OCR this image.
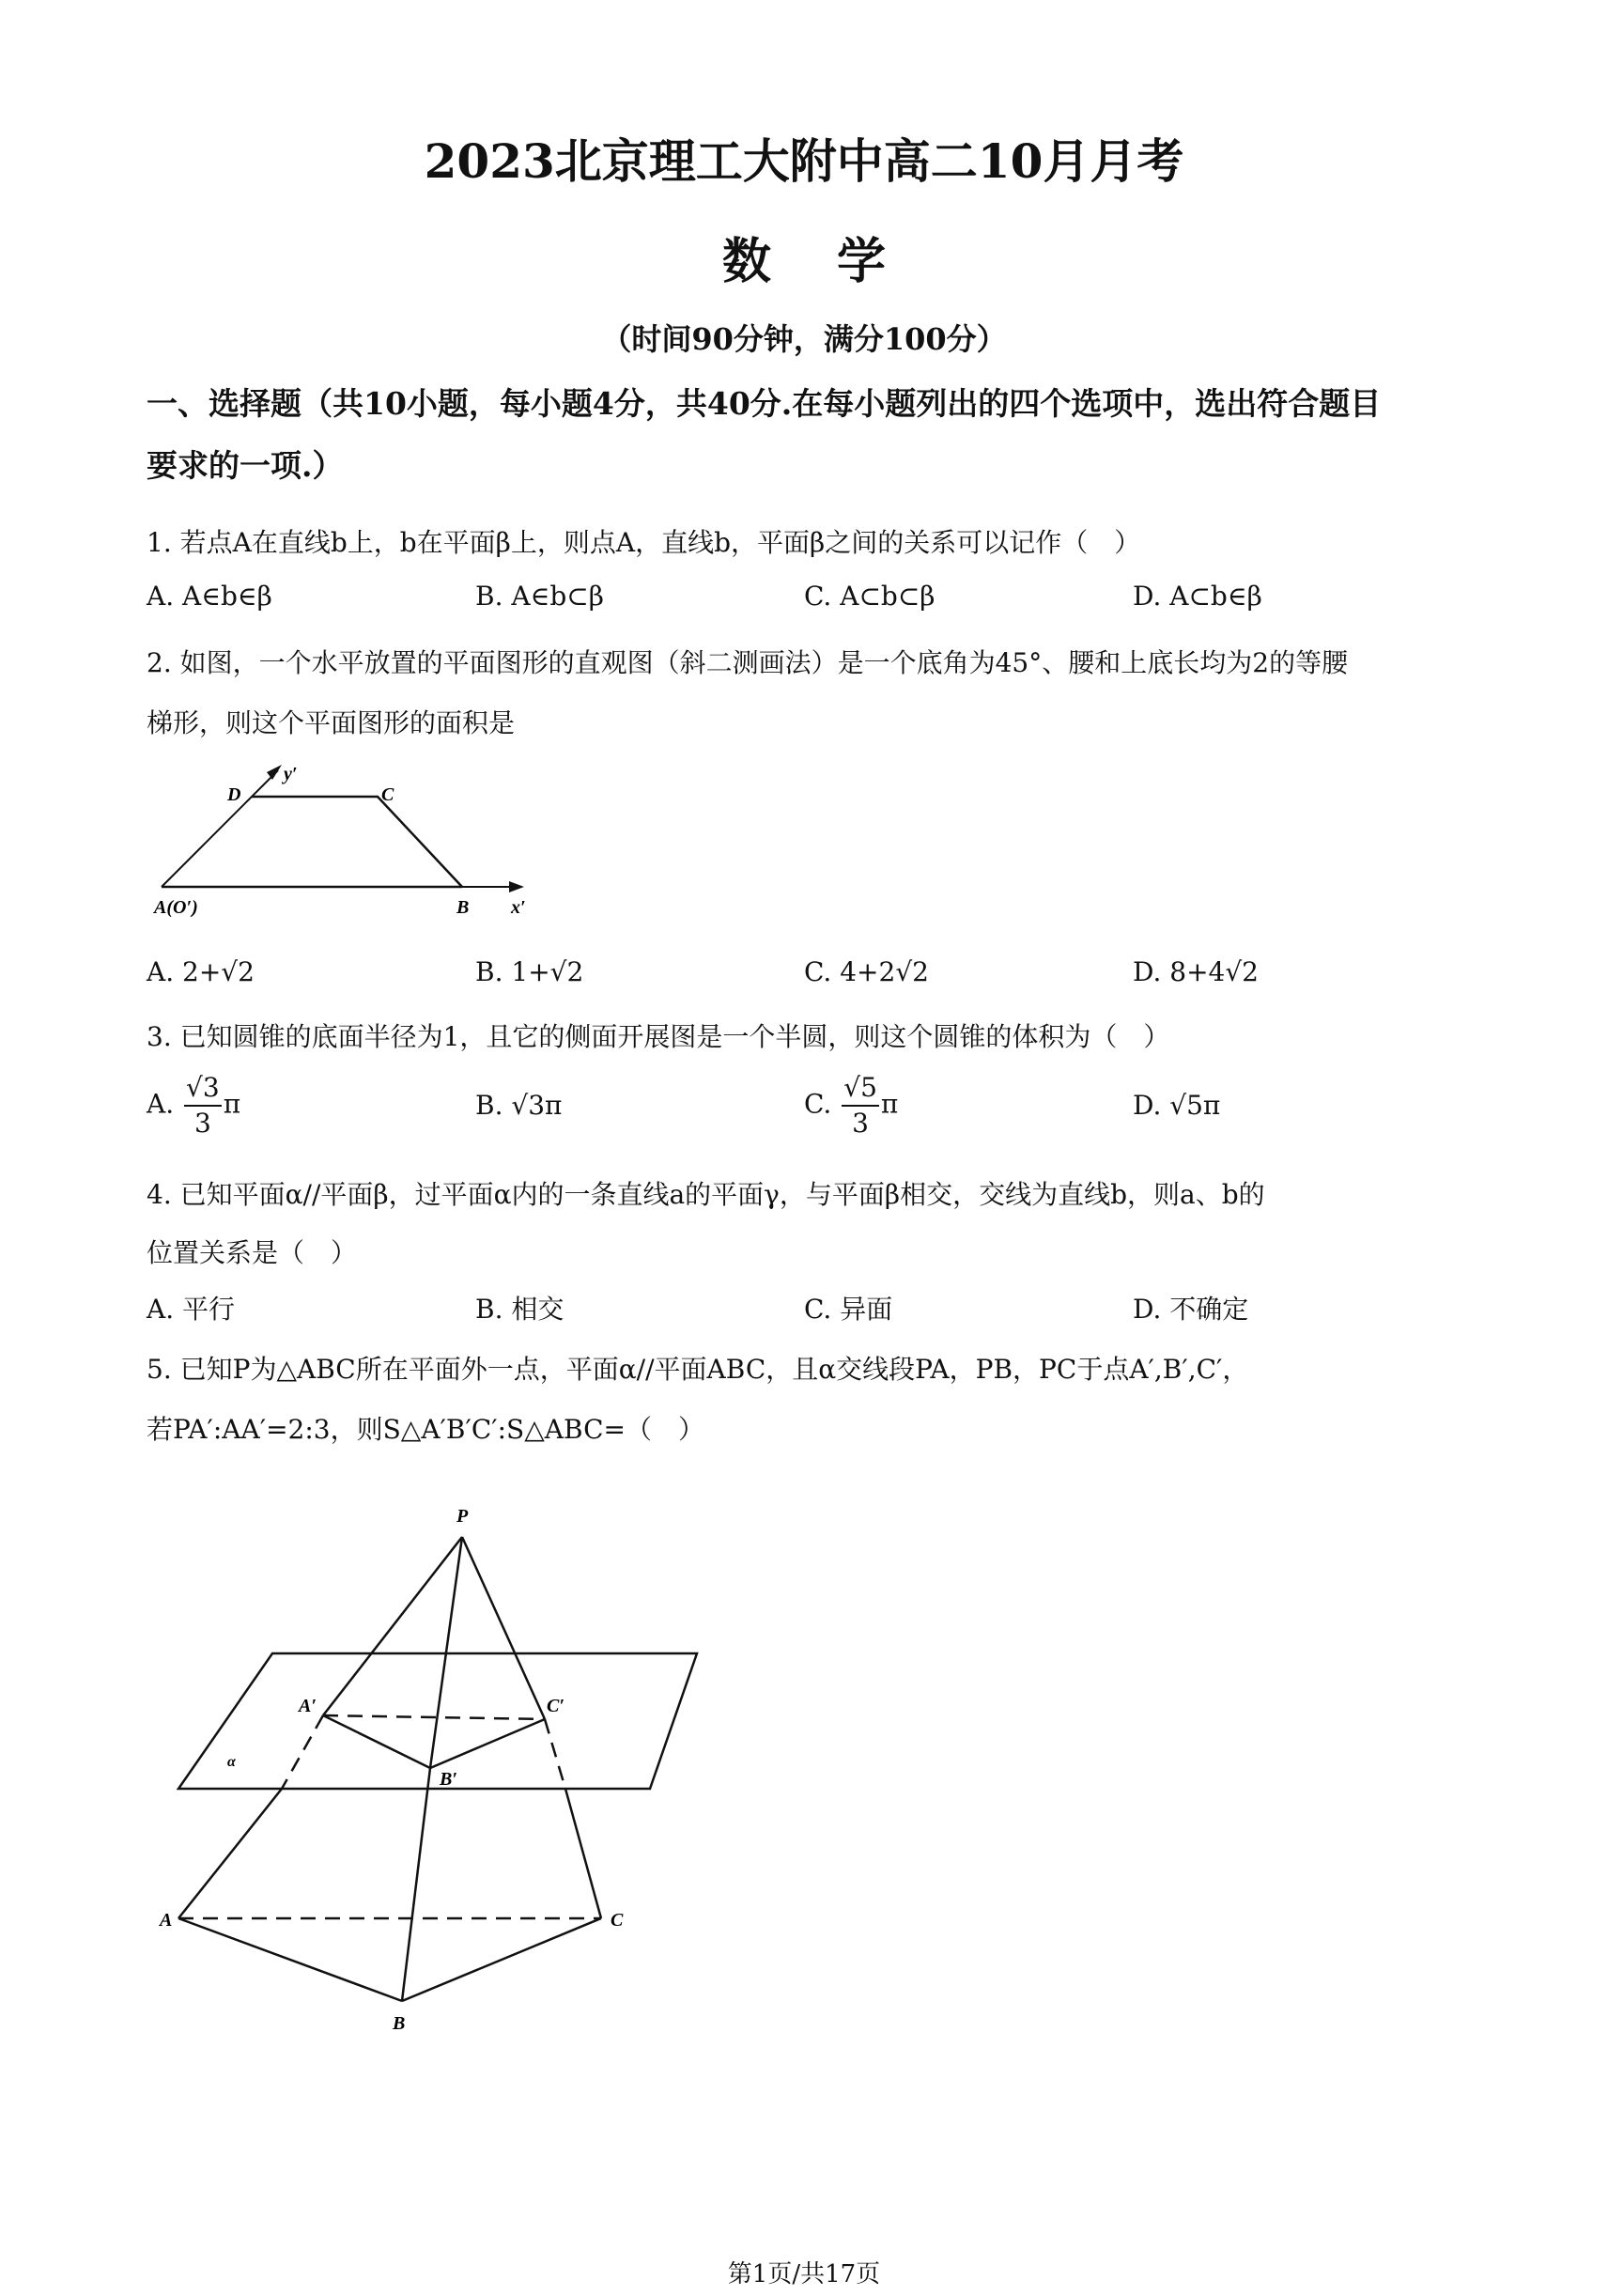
2023北京理工大附中高二10月月考
数学
（时间90分钟，满分100分）
一、选择题（共10小题，每小题4分，共40分.在每小题列出的四个选项中，选出符合题目
要求的一项.）
1. 若点A在直线b上，b在平面β上，则点A，直线b，平面β之间的关系可以记作（　）
A. A∈b∈β	B. A∈b⊂β	C. A⊂b⊂β	D. A⊂b∈β
2. 如图，一个水平放置的平面图形的直观图（斜二测画法）是一个底角为45°、腰和上底长均为2的等腰
梯形，则这个平面图形的面积是
D
y′
C
A(O′)	B x′
A. 2+√2	B. 1+√2	C. 4+2√2	D. 8+4√2
3. 已知圆锥的底面半径为1，且它的侧面开展图是一个半圆，则这个圆锥的体积为（　）
A. $\frac{√3}{3}$ π	B. √3π	C. $\frac{√5}{3}$ π	D. √5π
4. 已知平面α//平面β，过平面α内的一条直线a的平面γ，与平面β相交，交线为直线b，则a、b的
位置关系是（　）
A. 平行	B. 相交	C. 异面	D. 不确定
5. 已知P为△ABC所在平面外一点，平面α//平面ABC，且α交线段PA，PB，PC于点A′,B′,C′，
若PA′:AA′=2:3，则S△A′B′C′:S△ABC=（　）
P
A′	C′
α
B′
A	C
B
第1页/共17页
